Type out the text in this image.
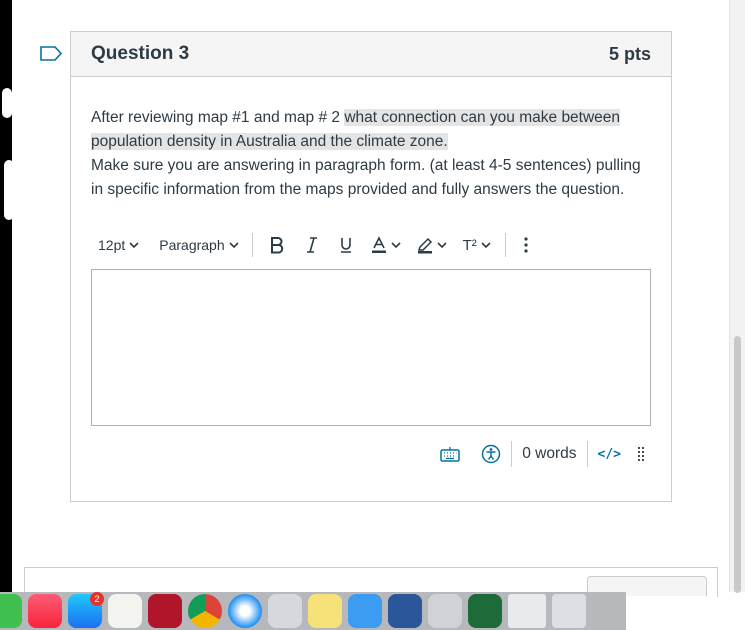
Question 3	5 pts
After reviewing map #1 and map # 2 what connection can you make between population density in Australia and the climate zone.
Make sure you are answering in paragraph form. (at least 4-5 sentences) pulling in specific information from the maps provided and fully answers the question.
12pt Paragraph	T²
0 words	</>
2
